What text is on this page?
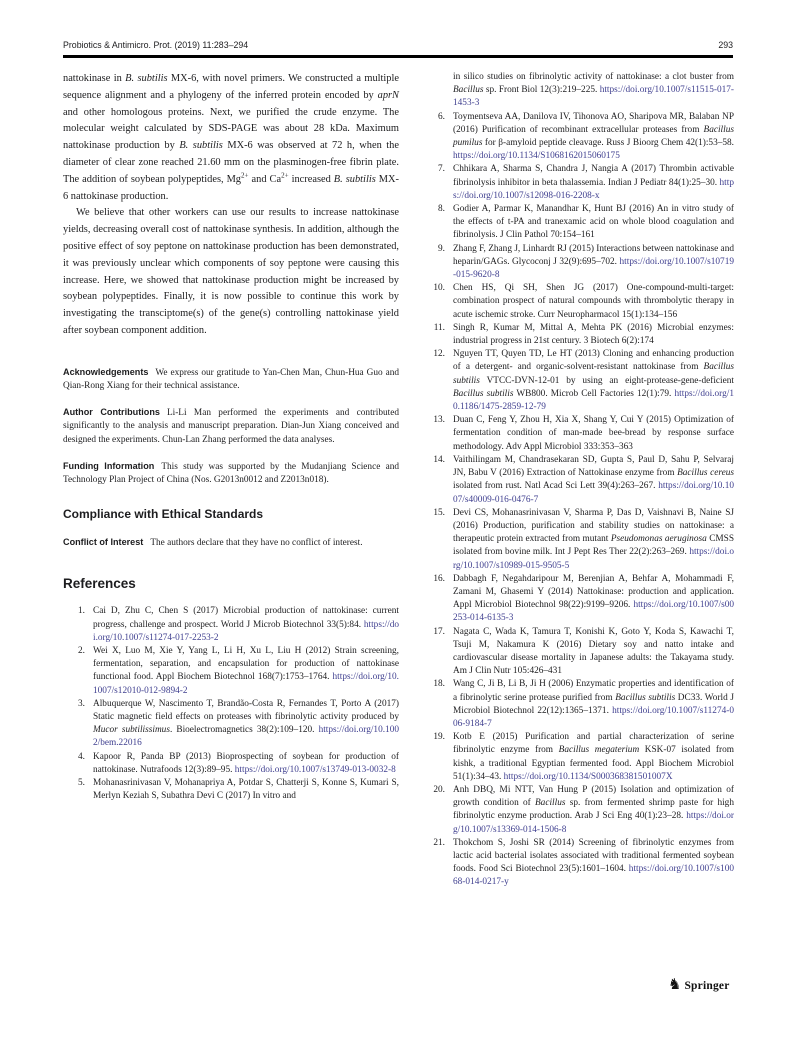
Probiotics & Antimicro. Prot. (2019) 11:283–294	293

nattokinase in B. subtilis MX-6, with novel primers. We constructed a multiple sequence alignment and a phylogeny of the inferred protein encoded by aprN and other homologous proteins. Next, we purified the crude enzyme. The molecular weight calculated by SDS-PAGE was about 28 kDa. Maximum nattokinase production by B. subtilis MX-6 was observed at 72 h, when the diameter of clear zone reached 21.60 mm on the plasminogen-free fibrin plate. The addition of soybean polypeptides, $Mg^{2+}$ and $Ca^{2+}$ increased B. subtilis MX-6 nattokinase production.

We believe that other workers can use our results to increase nattokinase yields, decreasing overall cost of nattokinase synthesis. In addition, although the positive effect of soy peptone on nattokinase production has been demonstrated, it was previously unclear which components of soy peptone were causing this increase. Here, we showed that nattokinase production might be increased by soybean polypeptides. Finally, it is now possible to continue this work by investigating the transciptome(s) of the gene(s) controlling nattokinase yield after soybean component addition.

Acknowledgements We express our gratitude to Yan-Chen Man, Chun-Hua Guo and Qian-Rong Xiang for their technical assistance.

Author Contributions Li-Li Man performed the experiments and contributed significantly to the analysis and manuscript preparation. Dian-Jun Xiang conceived and designed the experiments. Chun-Lan Zhang performed the data analyses.

Funding Information This study was supported by the Mudanjiang Science and Technology Plan Project of China (Nos. G2013n0012 and Z2013n018).

Compliance with Ethical Standards

Conflict of Interest The authors declare that they have no conflict of interest.

References
1. Cai D, Zhu C, Chen S (2017) Microbial production of nattokinase: current progress, challenge and prospect. World J Microb Biotechnol 33(5):84. https://doi.org/10.1007/s11274-017-2253-2
2. Wei X, Luo M, Xie Y, Yang L, Li H, Xu L, Liu H (2012) Strain screening, fermentation, separation, and encapsulation for production of nattokinase functional food. Appl Biochem Biotechnol 168(7):1753–1764. https://doi.org/10.1007/s12010-012-9894-2
3. Albuquerque W, Nascimento T, Brandão-Costa R, Fernandes T, Porto A (2017) Static magnetic field effects on proteases with fibrinolytic activity produced by Mucor subtilissimus. Bioelectromagnetics 38(2):109–120. https://doi.org/10.1002/bem.22016
4. Kapoor R, Panda BP (2013) Bioprospecting of soybean for production of nattokinase. Nutrafoods 12(3):89–95. https://doi.org/10.1007/s13749-013-0032-8
5. Mohanasrinivasan V, Mohanapriya A, Potdar S, Chatterji S, Konne S, Kumari S, Merlyn Keziah S, Subathra Devi C (2017) In vitro and
in silico studies on fibrinolytic activity of nattokinase: a clot buster from Bacillus sp. Front Biol 12(3):219–225. https://doi.org/10.1007/s11515-017-1453-3
6. Toymentseva AA, Danilova IV, Tihonova AO, Sharipova MR, Balaban NP (2016) Purification of recombinant extracellular proteases from Bacillus pumilus for β-amyloid peptide cleavage. Russ J Bioorg Chem 42(1):53–58. https://doi.org/10.1134/S1068162015060175
7. Chhikara A, Sharma S, Chandra J, Nangia A (2017) Thrombin activable fibrinolysis inhibitor in beta thalassemia. Indian J Pediatr 84(1):25–30. https://doi.org/10.1007/s12098-016-2208-x
8. Godier A, Parmar K, Manandhar K, Hunt BJ (2016) An in vitro study of the effects of t-PA and tranexamic acid on whole blood coagulation and fibrinolysis. J Clin Pathol 70:154–161
9. Zhang F, Zhang J, Linhardt RJ (2015) Interactions between nattokinase and heparin/GAGs. Glycoconj J 32(9):695–702. https://doi.org/10.1007/s10719-015-9620-8
10. Chen HS, Qi SH, Shen JG (2017) One-compound-multi-target: combination prospect of natural compounds with thrombolytic therapy in acute ischemic stroke. Curr Neuropharmacol 15(1):134–156
11. Singh R, Kumar M, Mittal A, Mehta PK (2016) Microbial enzymes: industrial progress in 21st century. 3 Biotech 6(2):174
12. Nguyen TT, Quyen TD, Le HT (2013) Cloning and enhancing production of a detergent- and organic-solvent-resistant nattokinase from Bacillus subtilis VTCC-DVN-12-01 by using an eight-protease-gene-deficient Bacillus subtilis WB800. Microb Cell Factories 12(1):79. https://doi.org/10.1186/1475-2859-12-79
13. Duan C, Feng Y, Zhou H, Xia X, Shang Y, Cui Y (2015) Optimization of fermentation condition of man-made bee-bread by response surface methodology. Adv Appl Microbiol 333:353–363
14. Vaithilingam M, Chandrasekaran SD, Gupta S, Paul D, Sahu P, Selvaraj JN, Babu V (2016) Extraction of Nattokinase enzyme from Bacillus cereus isolated from rust. Natl Acad Sci Lett 39(4):263–267. https://doi.org/10.1007/s40009-016-0476-7
15. Devi CS, Mohanasrinivasan V, Sharma P, Das D, Vaishnavi B, Naine SJ (2016) Production, purification and stability studies on nattokinase: a therapeutic protein extracted from mutant Pseudomonas aeruginosa CMSS isolated from bovine milk. Int J Pept Res Ther 22(2):263–269. https://doi.org/10.1007/s10989-015-9505-5
16. Dabbagh F, Negahdaripour M, Berenjian A, Behfar A, Mohammadi F, Zamani M, Ghasemi Y (2014) Nattokinase: production and application. Appl Microbiol Biotechnol 98(22):9199–9206. https://doi.org/10.1007/s00253-014-6135-3
17. Nagata C, Wada K, Tamura T, Konishi K, Goto Y, Koda S, Kawachi T, Tsuji M, Nakamura K (2016) Dietary soy and natto intake and cardiovascular disease mortality in Japanese adults: the Takayama study. Am J Clin Nutr 105:426–431
18. Wang C, Ji B, Li B, Ji H (2006) Enzymatic properties and identification of a fibrinolytic serine protease purified from Bacillus subtilis DC33. World J Microbiol Biotechnol 22(12):1365–1371. https://doi.org/10.1007/s11274-006-9184-7
19. Kotb E (2015) Purification and partial characterization of serine fibrinolytic enzyme from Bacillus megaterium KSK-07 isolated from kishk, a traditional Egyptian fermented food. Appl Biochem Microbiol 51(1):34–43. https://doi.org/10.1134/S000368381501007X
20. Anh DBQ, Mi NTT, Van Hung P (2015) Isolation and optimization of growth condition of Bacillus sp. from fermented shrimp paste for high fibrinolytic enzyme production. Arab J Sci Eng 40(1):23–28. https://doi.org/10.1007/s13369-014-1506-8
21. Thokchom S, Joshi SR (2014) Screening of fibrinolytic enzymes from lactic acid bacterial isolates associated with traditional fermented soybean foods. Food Sci Biotechnol 23(5):1601–1604. https://doi.org/10.1007/s10068-014-0217-y
♞ Springer
